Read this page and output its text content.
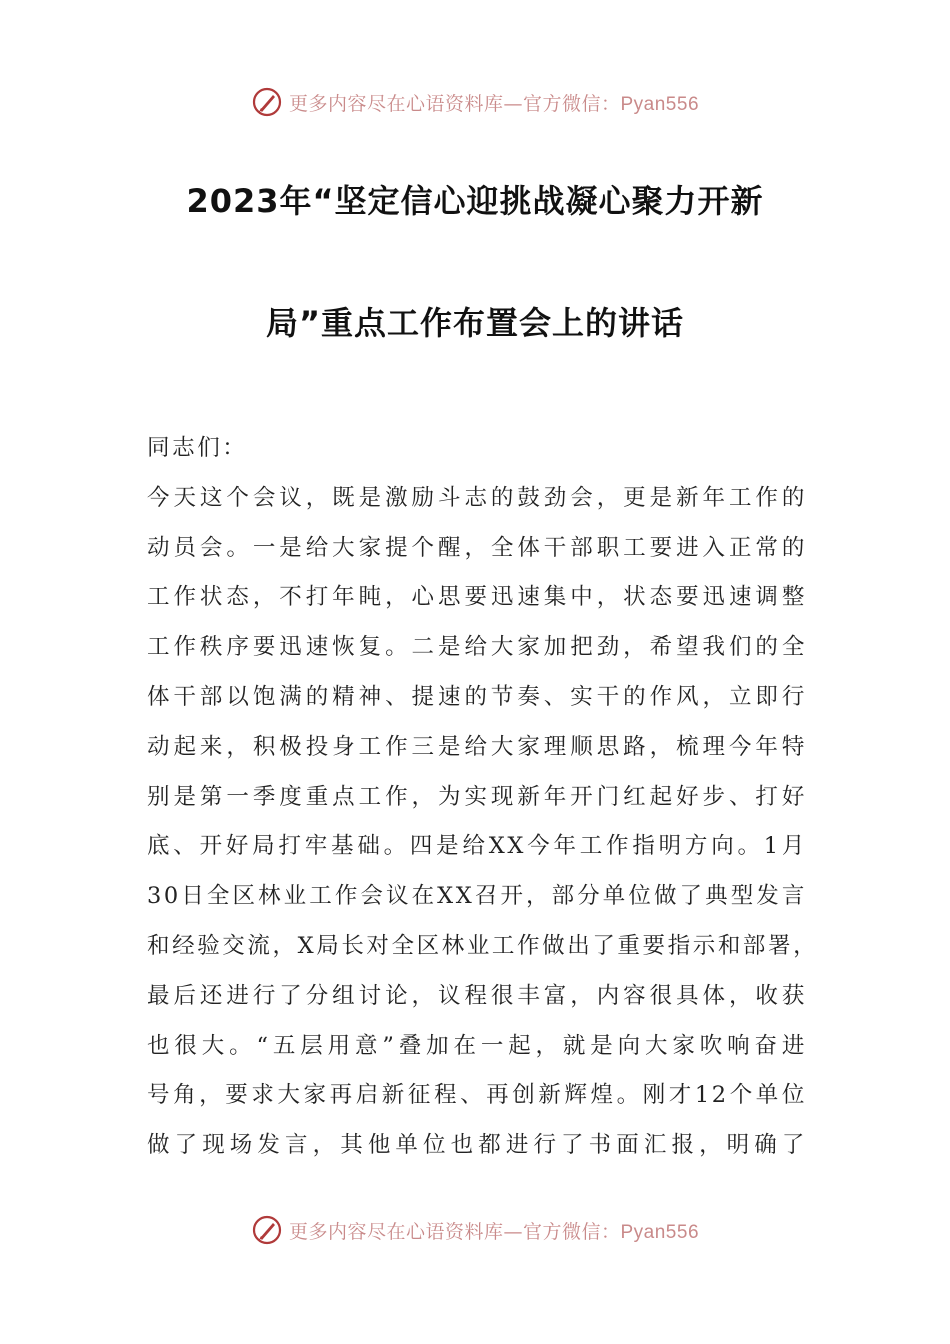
更多内容尽在心语资料库—官方微信：Pyan556
2023年“坚定信心迎挑战凝心聚力开新
局”重点工作布置会上的讲话
同志们：
今天这个会议，既是激励斗志的鼓劲会，更是新年工作的
动员会。一是给大家提个醒，全体干部职工要进入正常的
工作状态，不打年盹，心思要迅速集中，状态要迅速调整
工作秩序要迅速恢复。二是给大家加把劲，希望我们的全
体干部以饱满的精神、提速的节奏、实干的作风，立即行
动起来，积极投身工作三是给大家理顺思路，梳理今年特
别是第一季度重点工作，为实现新年开门红起好步、打好
底、开好局打牢基础。四是给XX今年工作指明方向。1月
30日全区林业工作会议在XX召开，部分单位做了典型发言
和经验交流，X局长对全区林业工作做出了重要指示和部署，
最后还进行了分组讨论，议程很丰富，内容很具体，收获
也很大。“五层用意”叠加在一起，就是向大家吹响奋进
号角，要求大家再启新征程、再创新辉煌。刚才12个单位
做了现场发言，其他单位也都进行了书面汇报，明确了
更多内容尽在心语资料库—官方微信：Pyan556
